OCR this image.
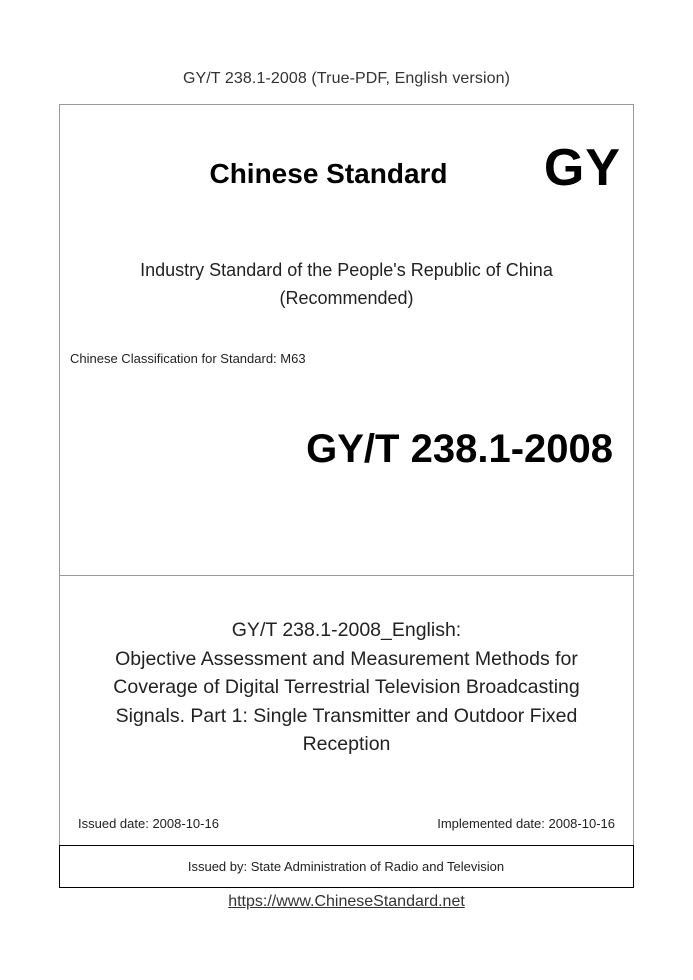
GY/T 238.1-2008 (True-PDF, English version)
Chinese Standard	GY
Industry Standard of the People's Republic of China
(Recommended)
Chinese Classification for Standard: M63
GY/T 238.1-2008
GY/T 238.1-2008_English:
Objective Assessment and Measurement Methods for
Coverage of Digital Terrestrial Television Broadcasting
Signals. Part 1: Single Transmitter and Outdoor Fixed
Reception
Issued date: 2008-10-16	Implemented date: 2008-10-16
Issued by: State Administration of Radio and Television
https://www.ChineseStandard.net
